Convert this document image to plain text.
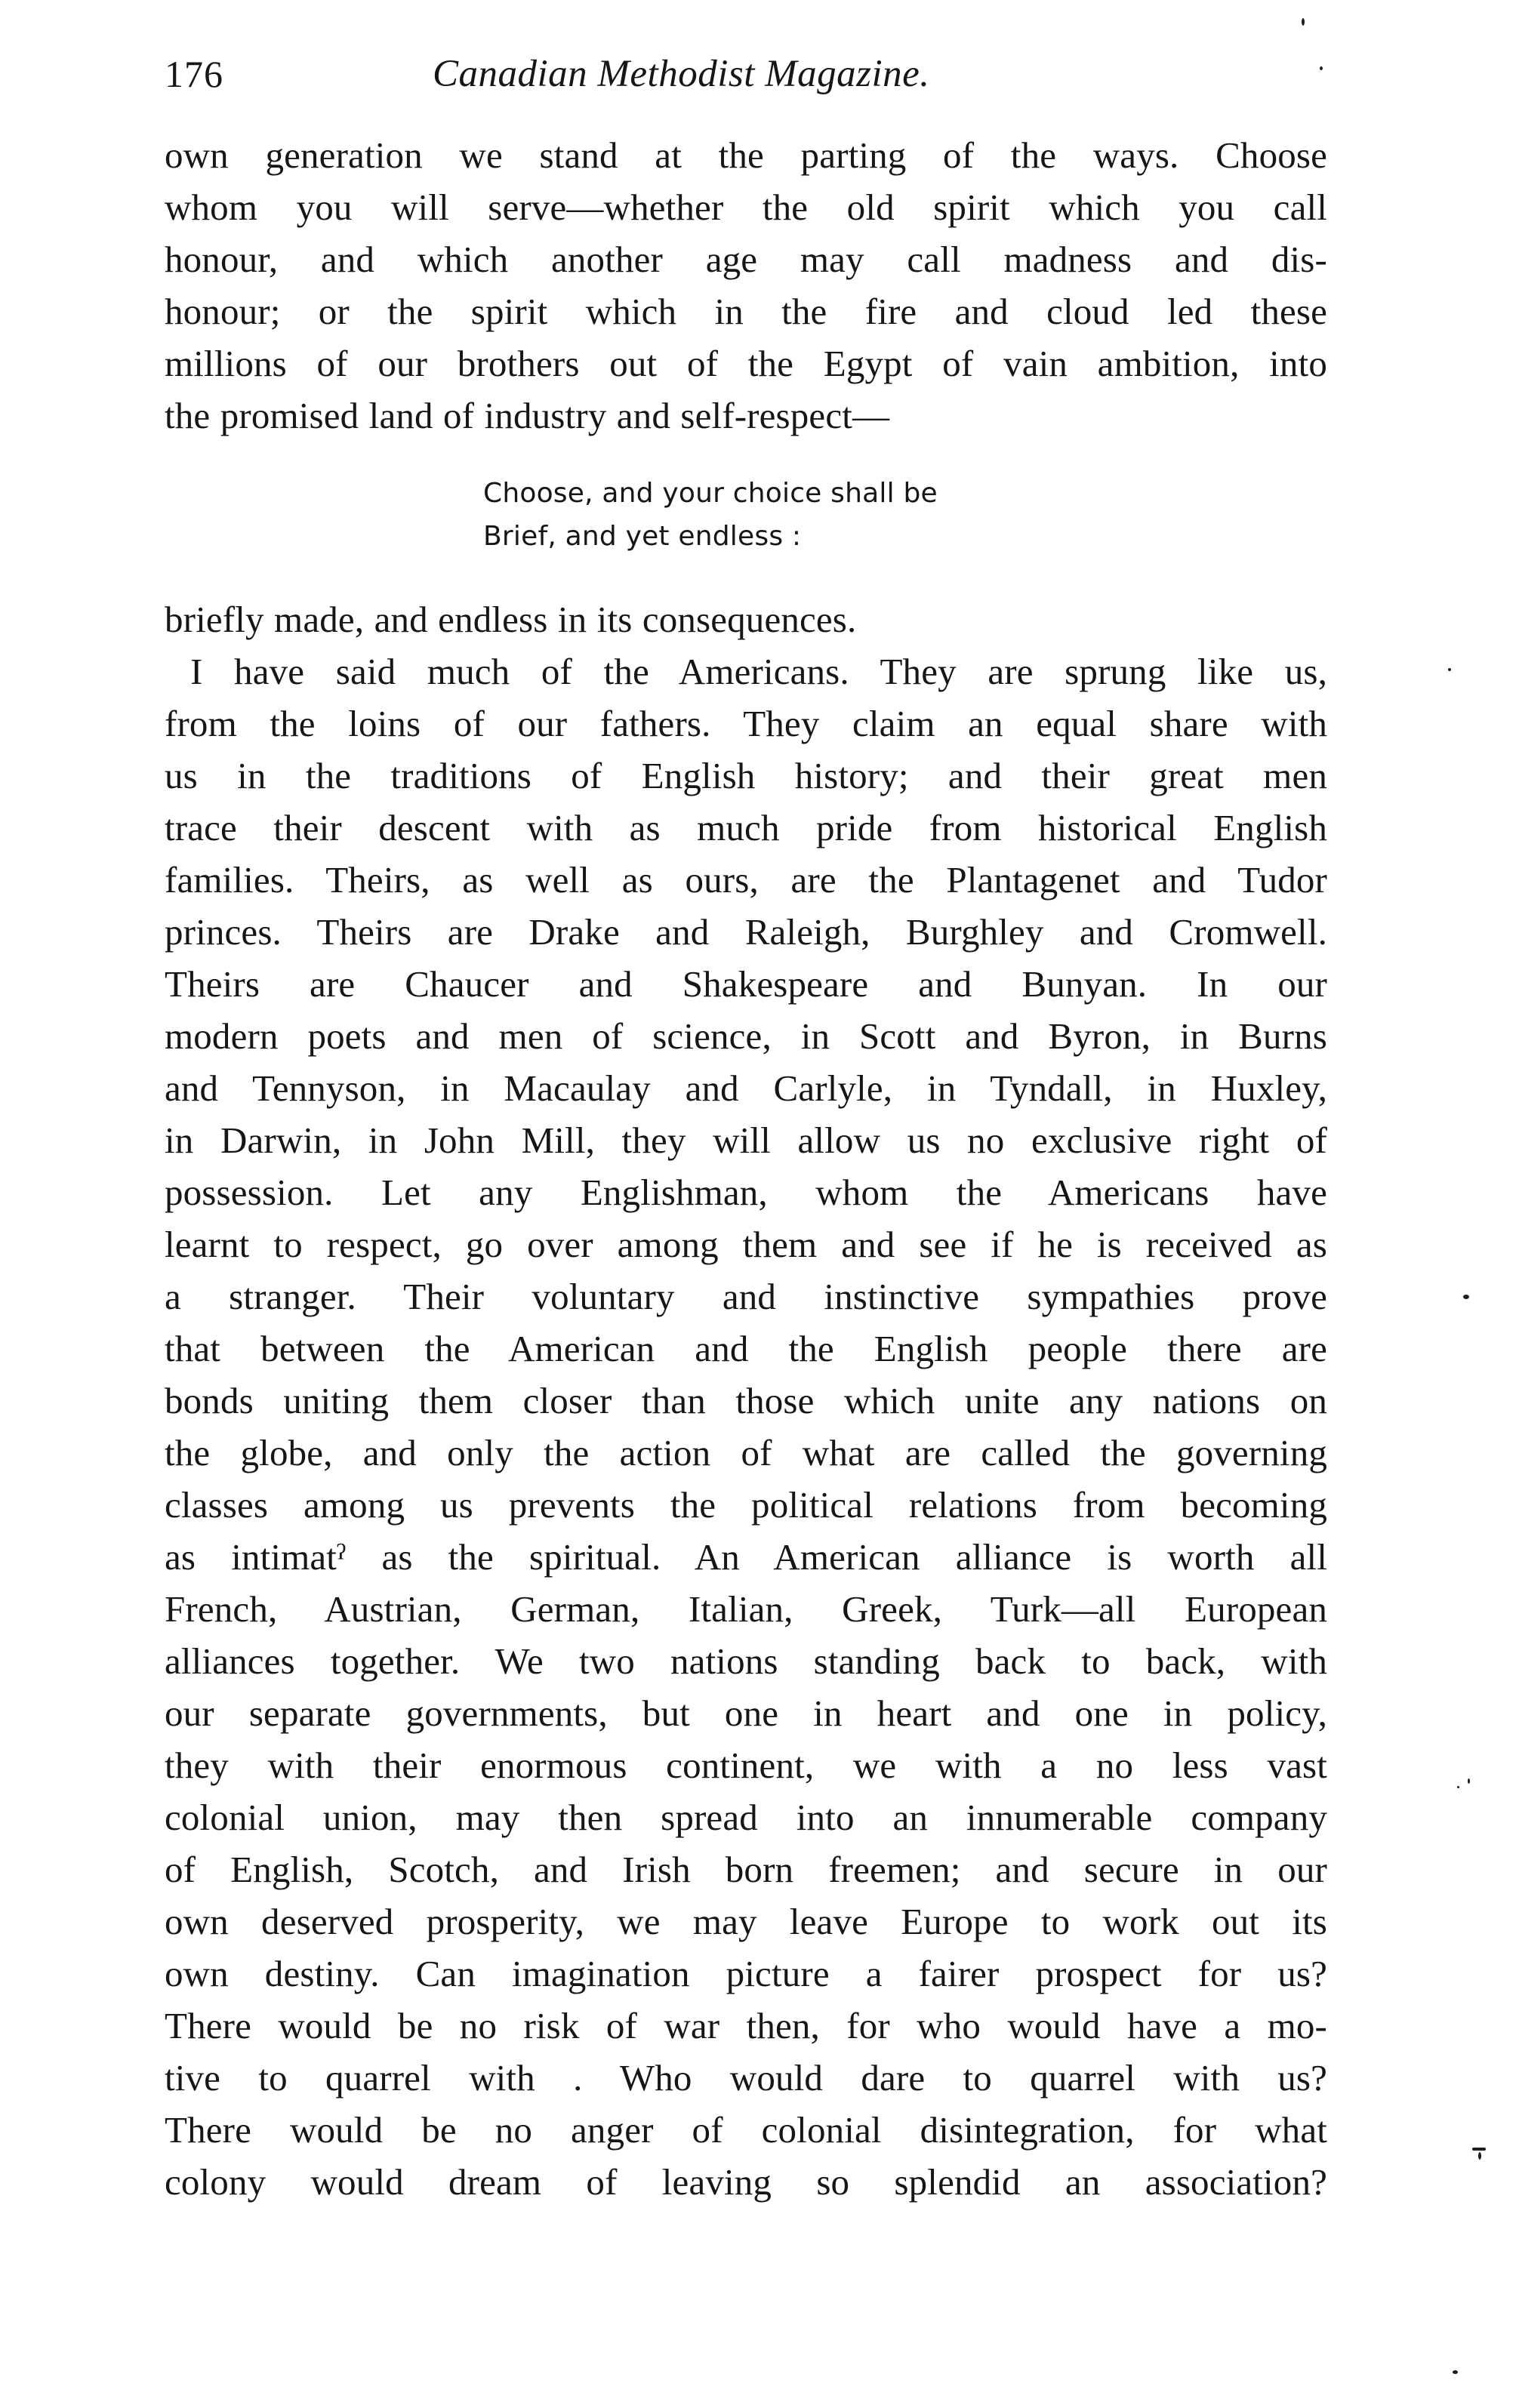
176	Canadian Methodist Magazine.
own generation we stand at the parting of the ways. Choose
whom you will serve—whether the old spirit which you call
honour, and which another age may call madness and dis-
honour; or the spirit which in the fire and cloud led these
millions of our brothers out of the Egypt of vain ambition, into
the promised land of industry and self-respect—
Choose, and your choice shall be
Brief, and yet endless :
briefly made, and endless in its consequences.
I have said much of the Americans. They are sprung like us,
from the loins of our fathers. They claim an equal share with
us in the traditions of English history; and their great men
trace their descent with as much pride from historical English
families. Theirs, as well as ours, are the Plantagenet and Tudor
princes. Theirs are Drake and Raleigh, Burghley and Cromwell.
Theirs are Chaucer and Shakespeare and Bunyan. In our
modern poets and men of science, in Scott and Byron, in Burns
and Tennyson, in Macaulay and Carlyle, in Tyndall, in Huxley,
in Darwin, in John Mill, they will allow us no exclusive right of
possession. Let any Englishman, whom the Americans have
learnt to respect, go over among them and see if he is received as
a stranger. Their voluntary and instinctive sympathies prove
that between the American and the English people there are
bonds uniting them closer than those which unite any nations on
the globe, and only the action of what are called the governing
classes among us prevents the political relations from becoming
as intimatˀ as the spiritual. An American alliance is worth all
French, Austrian, German, Italian, Greek, Turk—all European
alliances together. We two nations standing back to back, with
our separate governments, but one in heart and one in policy,
they with their enormous continent, we with a no less vast
colonial union, may then spread into an innumerable company
of English, Scotch, and Irish born freemen; and secure in our
own deserved prosperity, we may leave Europe to work out its
own destiny. Can imagination picture a fairer prospect for us?
There would be no risk of war then, for who would have a mo-
tive to quarrel with . Who would dare to quarrel with us?
There would be no anger of colonial disintegration, for what
colony would dream of leaving so splendid an association?
